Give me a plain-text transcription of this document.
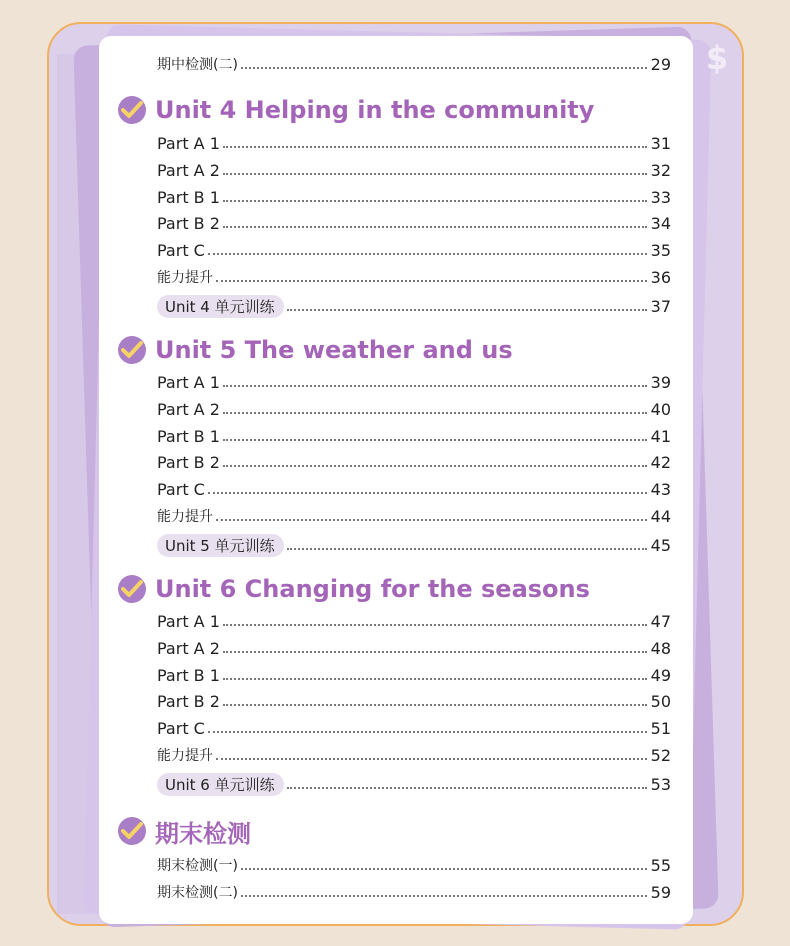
$
期中检测(二)	29
Unit 4 Helping in the community
Part A 1	31
Part A 2	32
Part B 1	33
Part B 2	34
Part C	35
能力提升	36
Unit 4 单元训练	37
Unit 5 The weather and us
Part A 1	39
Part A 2	40
Part B 1	41
Part B 2	42
Part C	43
能力提升	44
Unit 5 单元训练	45
Unit 6 Changing for the seasons
Part A 1	47
Part A 2	48
Part B 1	49
Part B 2	50
Part C	51
能力提升	52
Unit 6 单元训练	53
期末检测
期末检测(一)	55
期末检测(二)	59
